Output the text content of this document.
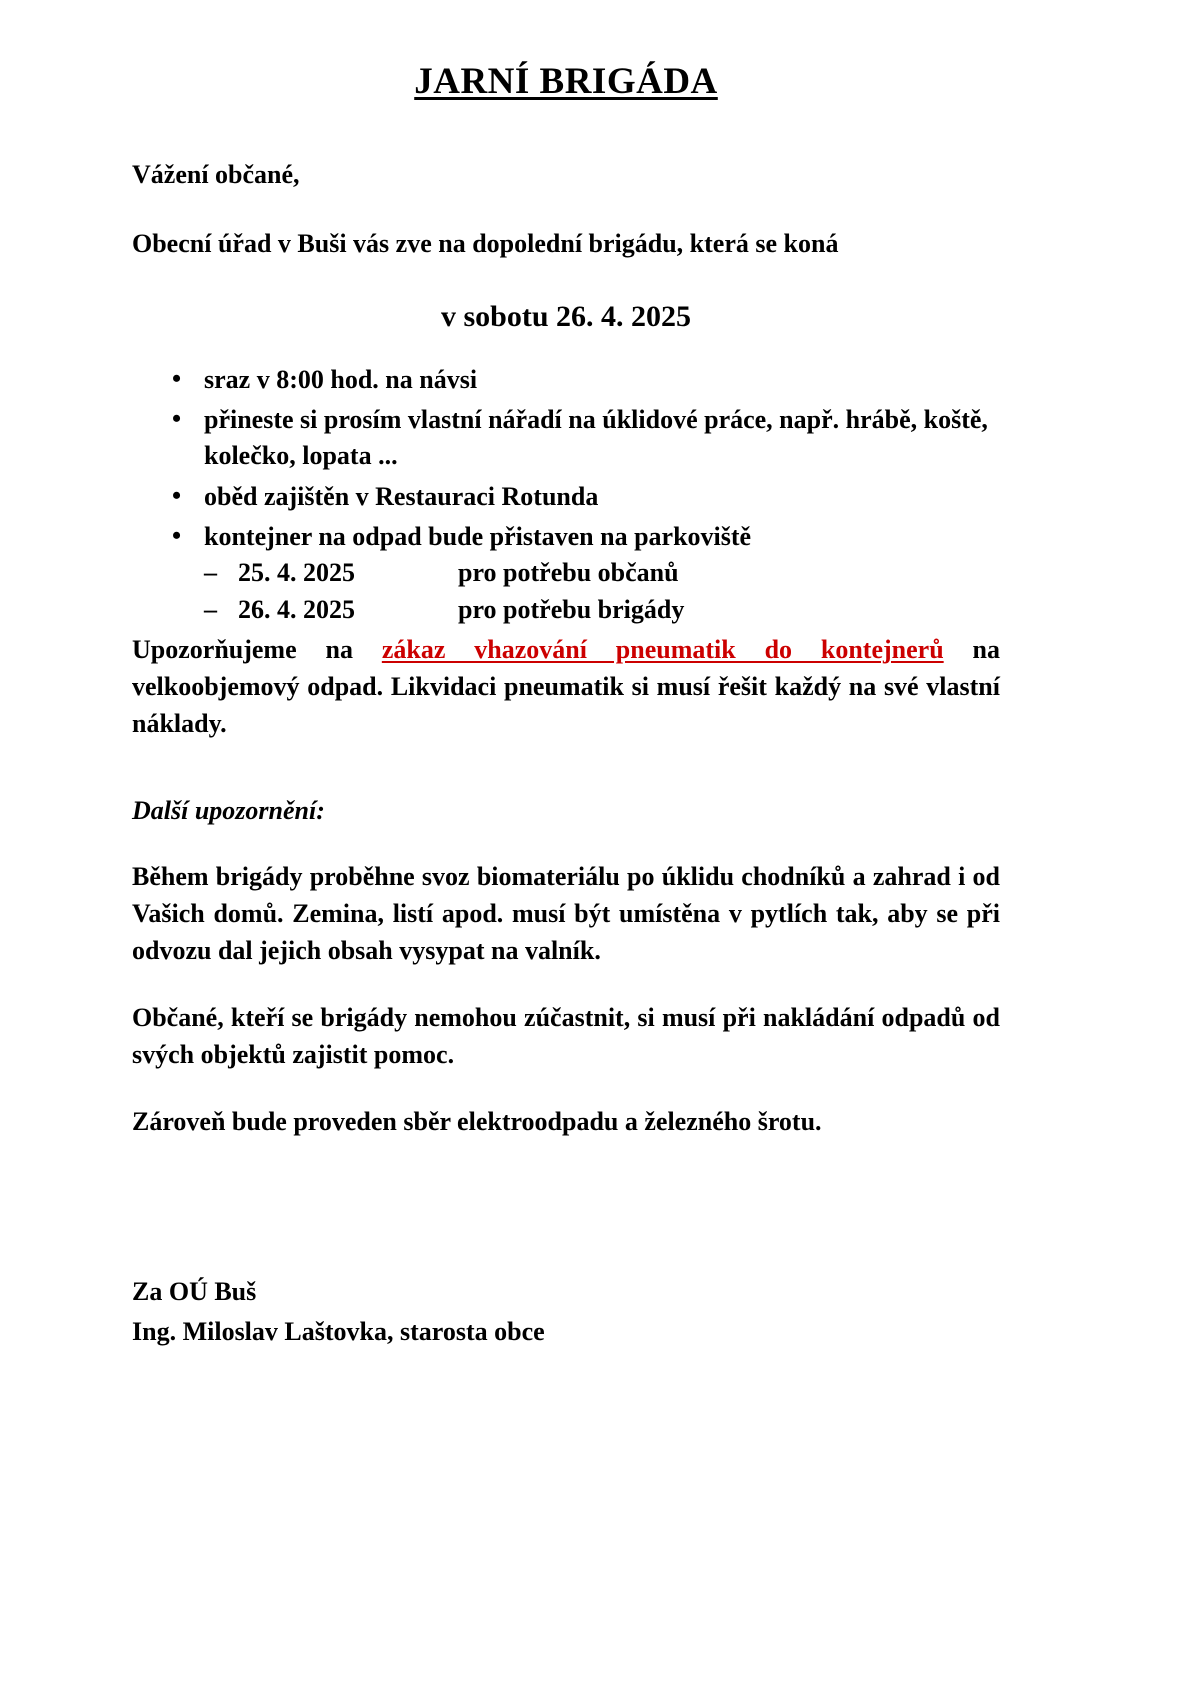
JARNÍ BRIGÁDA

Vážení občané,

Obecní úřad v Buši vás zve na dopolední brigádu, která se koná

v sobotu 26. 4. 2025
• sraz v 8:00 hod. na návsi
• přineste si prosím vlastní nářadí na úklidové práce, např. hrábě, koště, kolečko, lopata ...
• oběd zajištěn v Restauraci Rotunda
• kontejner na odpad bude přistaven na parkoviště
– 25. 4. 2025	pro potřebu občanů
– 26. 4. 2025	pro potřebu brigády

Upozorňujeme na zákaz vhazování pneumatik do kontejnerů na velkoobjemový odpad. Likvidaci pneumatik si musí řešit každý na své vlastní náklady.

Další upozornění:

Během brigády proběhne svoz biomateriálu po úklidu chodníků a zahrad i od Vašich domů. Zemina, listí apod. musí být umístěna v pytlích tak, aby se při odvozu dal jejich obsah vysypat na valník.

Občané, kteří se brigády nemohou zúčastnit, si musí při nakládání odpadů od svých objektů zajistit pomoc.

Zároveň bude proveden sběr elektroodpadu a železného šrotu.

Za OÚ Buš
Ing. Miloslav Laštovka, starosta obce
